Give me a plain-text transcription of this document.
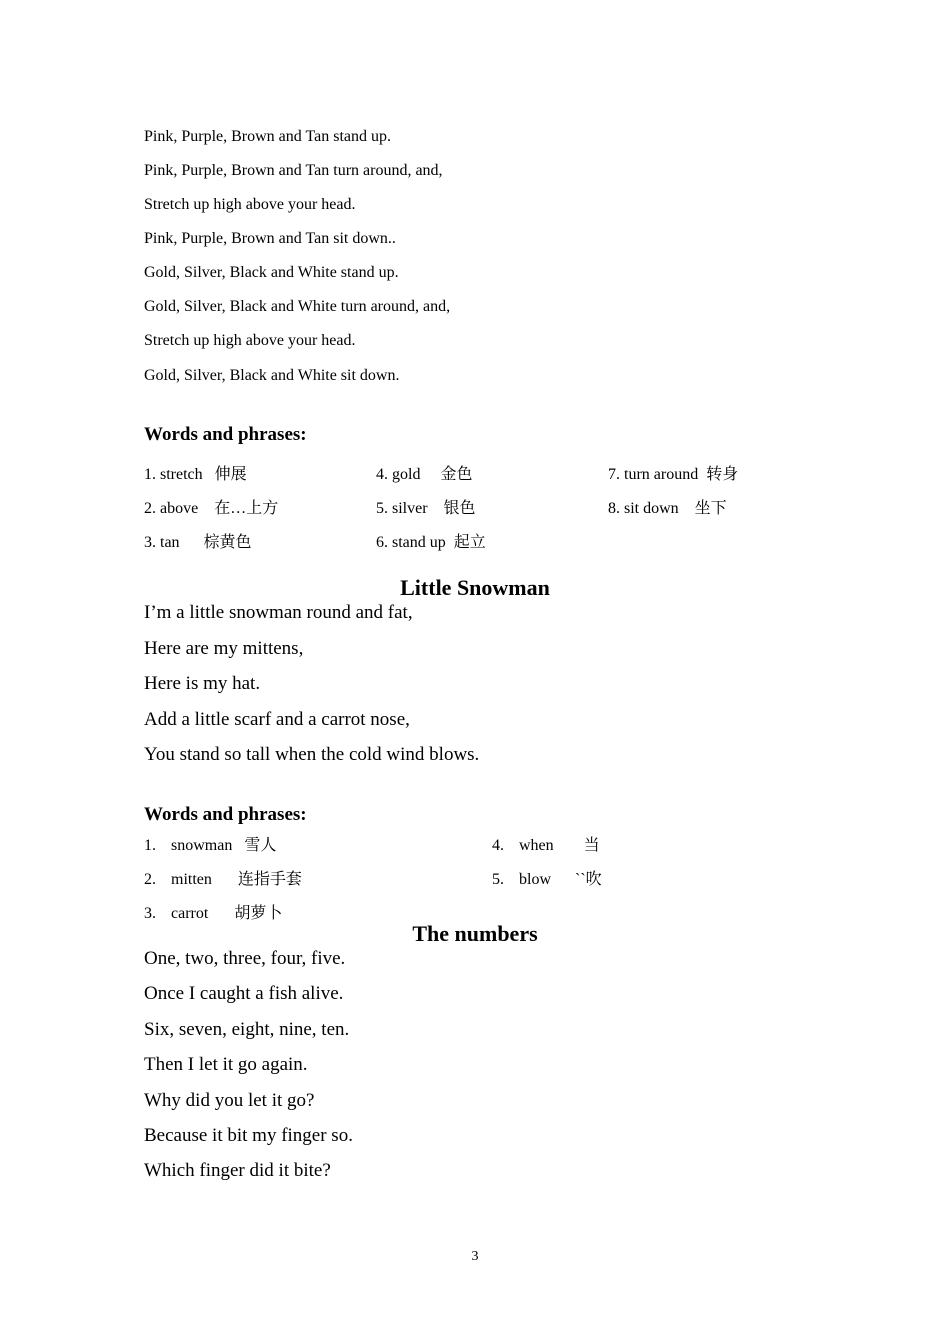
Pink, Purple, Brown and Tan stand up.
Pink, Purple, Brown and Tan turn around, and,
Stretch up high above your head.
Pink, Purple, Brown and Tan sit down..
Gold, Silver, Black and White stand up.
Gold, Silver, Black and White turn around, and,
Stretch up high above your head.
Gold, Silver, Black and White sit down.
Words and phrases:
1. stretch 伸展	4. gold 金色	7. turn around 转身
2. above 在…上方	5. silver 银色	8. sit down 坐下
3. tan 棕黄色	6. stand up 起立
Little Snowman
I’m a little snowman round and fat,
Here are my mittens,
Here is my hat.
Add a little scarf and a carrot nose,
You stand so tall when the cold wind blows.
Words and phrases:
1. snowman 雪人	4. when 当
2. mitten 连指手套	5. blow ``吹
3. carrot 胡萝卜
The numbers
One, two, three, four, five.
Once I caught a fish alive.
Six, seven, eight, nine, ten.
Then I let it go again.
Why did you let it go?
Because it bit my finger so.
Which finger did it bite?
3
